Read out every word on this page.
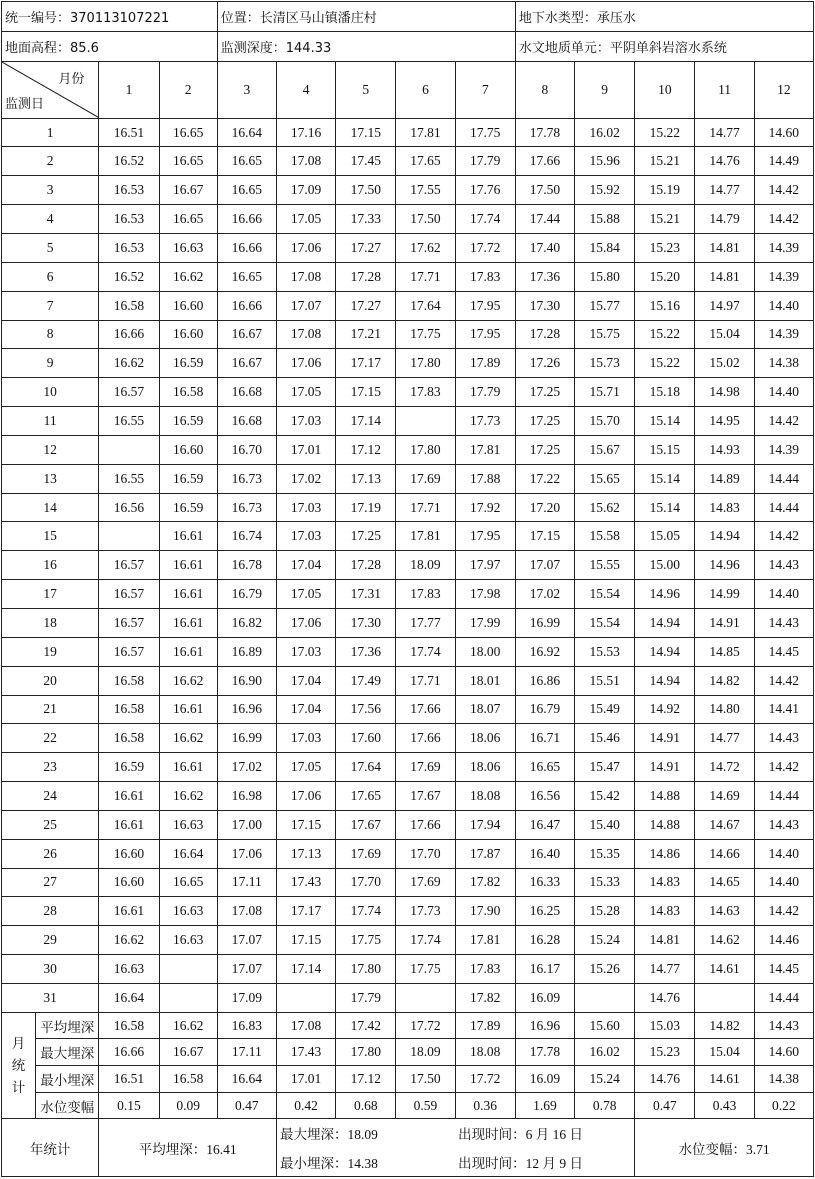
统一编号：370113107221				位置：长清区马山镇潘庄村					地下水类型：承压水				
地面高程：85.6				监测深度：144.33					水文地质单元：平阴单斜岩溶水系统				

月份
监测日		1	2	3	4	5	6	7	8	9	10	11	12
1		16.51	16.65	16.64	17.16	17.15	17.81	17.75	17.78	16.02	15.22	14.77	14.60
2		16.52	16.65	16.65	17.08	17.45	17.65	17.79	17.66	15.96	15.21	14.76	14.49
3		16.53	16.67	16.65	17.09	17.50	17.55	17.76	17.50	15.92	15.19	14.77	14.42
4		16.53	16.65	16.66	17.05	17.33	17.50	17.74	17.44	15.88	15.21	14.79	14.42
5		16.53	16.63	16.66	17.06	17.27	17.62	17.72	17.40	15.84	15.23	14.81	14.39
6		16.52	16.62	16.65	17.08	17.28	17.71	17.83	17.36	15.80	15.20	14.81	14.39
7		16.58	16.60	16.66	17.07	17.27	17.64	17.95	17.30	15.77	15.16	14.97	14.40
8		16.66	16.60	16.67	17.08	17.21	17.75	17.95	17.28	15.75	15.22	15.04	14.39
9		16.62	16.59	16.67	17.06	17.17	17.80	17.89	17.26	15.73	15.22	15.02	14.38
10		16.57	16.58	16.68	17.05	17.15	17.83	17.79	17.25	15.71	15.18	14.98	14.40
11		16.55	16.59	16.68	17.03	17.14		17.73	17.25	15.70	15.14	14.95	14.42
12			16.60	16.70	17.01	17.12	17.80	17.81	17.25	15.67	15.15	14.93	14.39
13		16.55	16.59	16.73	17.02	17.13	17.69	17.88	17.22	15.65	15.14	14.89	14.44
14		16.56	16.59	16.73	17.03	17.19	17.71	17.92	17.20	15.62	15.14	14.83	14.44
15			16.61	16.74	17.03	17.25	17.81	17.95	17.15	15.58	15.05	14.94	14.42
16		16.57	16.61	16.78	17.04	17.28	18.09	17.97	17.07	15.55	15.00	14.96	14.43
17		16.57	16.61	16.79	17.05	17.31	17.83	17.98	17.02	15.54	14.96	14.99	14.40
18		16.57	16.61	16.82	17.06	17.30	17.77	17.99	16.99	15.54	14.94	14.91	14.43
19		16.57	16.61	16.89	17.03	17.36	17.74	18.00	16.92	15.53	14.94	14.85	14.45
20		16.58	16.62	16.90	17.04	17.49	17.71	18.01	16.86	15.51	14.94	14.82	14.42
21		16.58	16.61	16.96	17.04	17.56	17.66	18.07	16.79	15.49	14.92	14.80	14.41
22		16.58	16.62	16.99	17.03	17.60	17.66	18.06	16.71	15.46	14.91	14.77	14.43
23		16.59	16.61	17.02	17.05	17.64	17.69	18.06	16.65	15.47	14.91	14.72	14.42
24		16.61	16.62	16.98	17.06	17.65	17.67	18.08	16.56	15.42	14.88	14.69	14.44
25		16.61	16.63	17.00	17.15	17.67	17.66	17.94	16.47	15.40	14.88	14.67	14.43
26		16.60	16.64	17.06	17.13	17.69	17.70	17.87	16.40	15.35	14.86	14.66	14.40
27		16.60	16.65	17.11	17.43	17.70	17.69	17.82	16.33	15.33	14.83	14.65	14.40
28		16.61	16.63	17.08	17.17	17.74	17.73	17.90	16.25	15.28	14.83	14.63	14.42
29		16.62	16.63	17.07	17.15	17.75	17.74	17.81	16.28	15.24	14.81	14.62	14.46
30		16.63		17.07	17.14	17.80	17.75	17.83	16.17	15.26	14.77	14.61	14.45
31		16.64		17.09		17.79		17.82	16.09		14.76		14.44

月
统
计	平均埋深	16.58	16.62	16.83	17.08	17.42	17.72	17.89	16.96	15.60	15.03	14.82	14.43
	最大埋深	16.66	16.67	17.11	17.43	17.80	18.09	18.08	17.78	16.02	15.23	15.04	14.60
	最小埋深	16.51	16.58	16.64	17.01	17.12	17.50	17.72	16.09	15.24	14.76	14.61	14.38
	水位变幅	0.15	0.09	0.47	0.42	0.68	0.59	0.36	1.69	0.78	0.47	0.43	0.22
年统计		平均埋深：16.41			最大埋深：18.09			出现时间：6 月 16 日			水位变幅：3.71		
					最小埋深：14.38			出现时间：12 月 9 日					
